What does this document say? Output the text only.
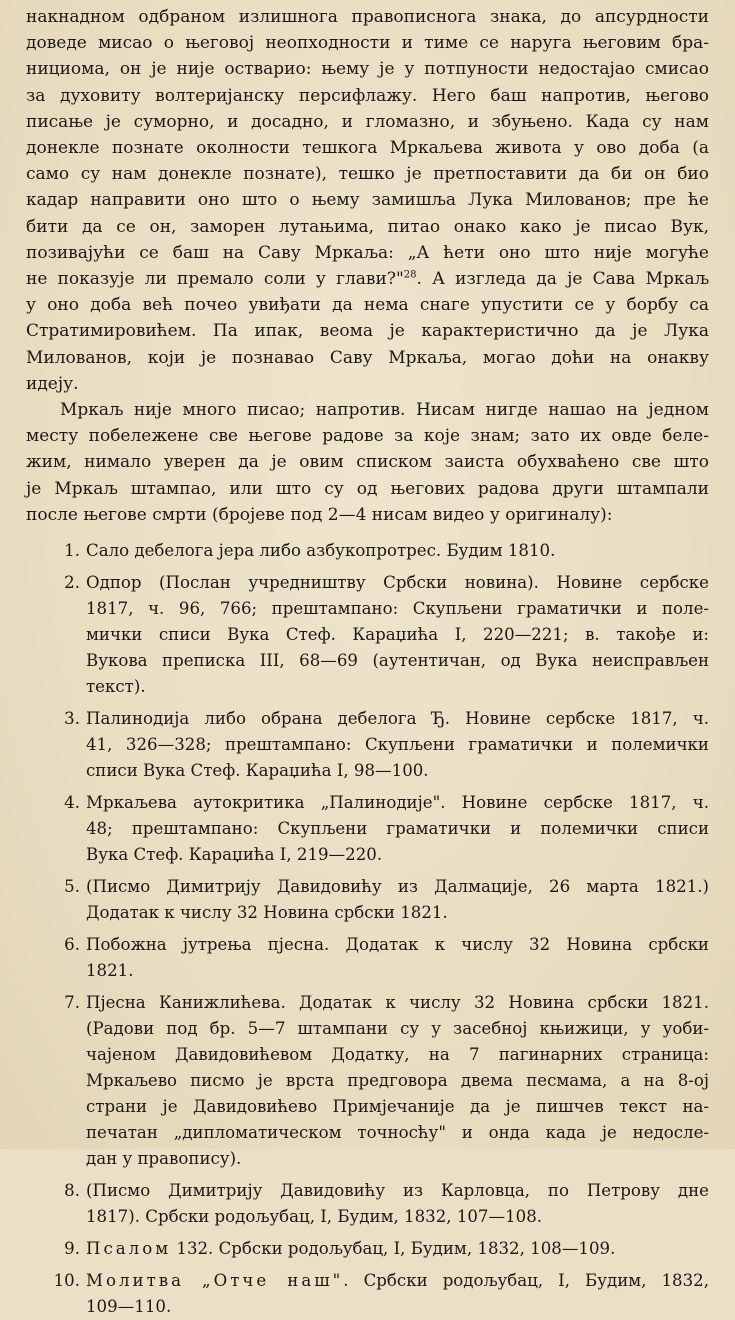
накнадном одбраном излишнога правописнога знака, до апсурдности
доведе мисао о његовој неопходности и тиме се наруга његовим бра-
нициома, он је није остварио: њему је у потпуности недостајао смисао
за духовиту волтеријанску персифлажу. Него баш напротив, његово
писање је суморно, и досадно, и гломазно, и збуњено. Када су нам
донекле познате околности тешкога Мркаљева живота у ово доба (а
само су нам донекле познате), тешко је претпоставити да би он био
кадар направити оно што о њему замишља Лука Милованов; пре ће
бити да се он, заморен лутањима, питао онако како је писао Вук,
позивајући се баш на Саву Мркаља: „А ћети оно што није могуће
не показује ли премало соли у глави?"$^{28}$. А изгледа да је Сава Мркаљ
у оно доба већ почео увиђати да нема снаге упустити се у борбу са
Стратимировићем. Па ипак, веома је карактеристично да је Лука
Милованов, који је познавао Саву Мркаља, могао доћи на онакву
идеју.

Мркаљ није много писао; напротив. Нисам нигде нашао на једном
месту побележене све његове радове за које знам; зато их овде белe-
жим, нимало уверен да је овим списком заиста обухваћено све што
је Мркаљ штампао, или што су од његових радова други штампали
после његове смрти (бројеве под 2—4 нисам видео у оригиналу):

1. Сало дебелога јера либо азбукопротрес. Будим 1810.
2. Одпор (Послан учредништву Србски новина). Новине сербске
1817, ч. 96, 766; прештампано: Скупљени граматички и поле-
мички списи Вука Стеф. Караџића I, 220—221; в. такође и:
Вукова преписка III, 68—69 (аутентичан, од Вука неисправљен
текст).
3. Палинодија либо обрана дебелога Ђ. Новине сербске 1817, ч.
41, 326—328; прештампано: Скупљени граматички и полемички
списи Вука Стеф. Караџића I, 98—100.
4. Мркаљева аутокритика „Палинодије". Новине сербске 1817, ч.
48; прештампано: Скупљени граматички и полемички списи
Вука Стеф. Караџића I, 219—220.
5. (Писмо Димитрију Давидовићу из Далмације, 26 марта 1821.)
Додатак к числу 32 Новина србски 1821.
6. Побожна јутрења пјесна. Додатак к числу 32 Новина србски
1821.
7. Пјесна Канижлићева. Додатак к числу 32 Новина србски 1821.
(Радови под бр. 5—7 штампани су у засебној књижици, у уоби-
чајеном Давидовићевом Додатку, на 7 пагинарних страница:
Мркаљево писмо је врста предговора двема песмама, а на 8-ој
страни је Давидовићево Примјечаније да је пишчев текст на-
печатан „дипломатическом точносћу" и онда када је недосле-
дан у правопису).
8. (Писмо Димитрију Давидовићу из Карловца, по Петрову дне
1817). Србски родољубац, I, Будим, 1832, 107—108.
9. Псалом 132. Србски родољубац, I, Будим, 1832, 108—109.
10. Молитва „Отче наш". Србски родољубац, I, Будим, 1832,
109—110.
